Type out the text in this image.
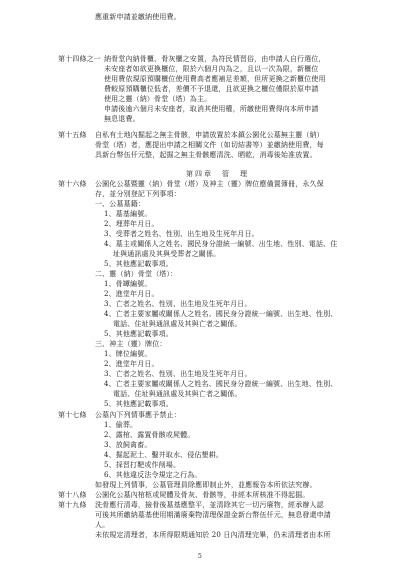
應重新申請並繳納使用費。
第十四條之一 納骨堂內納骨櫃、骨灰櫃之安置，為符民情習俗，由申請人自行選位，
未安座者如欲更換櫃位，限於六個月內為之，且以一次為限，新櫃位
使用費依現原預購櫃位使用費高者應補足差額，但所更換之新櫃位使用
費較原預購櫃位低者，差價不予退還，且欲更換之櫃位僅限於原申請
使用之靈（納）骨堂（塔）為主。
申請後逾六個月未安座者，取消其使用權，所繳使用費得向本所申請
無息退費。
第十五條 自私有土地內掘起之無主骨骸，申請放置於本鎮公園化公墓無主靈（納）
骨堂（塔）者，應提出申請之相關文件（如切結書等）並繳納使用費，每
具新台幣伍仟元整，起掘之無主骨骸應清洗、晒乾，消毒後始准放置。
第四章　管　理
第十六條 公園化公墓暨靈（納）骨堂（塔）及神主（靈）牌位應備置簿冊，永久保
存，並分別登記下列事項：
一、公墓墓籍：
1、墓基編號。
2、埋葬年月日。
3、受葬者之姓名、性別、出生地及生死年月日。
4、墓主或關係人之姓名、國民身分證統一編號、出生地、性別、電話、住
址與通訊處及其與受葬者之關係。
5、其他應記載事項。
二、靈（納）骨堂（塔）：
1、骨罈編號。
2、進堂年月日。
3、亡者之姓名、性別、出生地及生死年月日。
4、亡者主要家屬或關係人之姓名、國民身分證統一編號、出生地、性別、
電話、住址與通訊處及其與亡者之關係。
5、其他應記載事項。
三、神主（靈）牌位：
1、牌位編號。
2、進堂年月日。
3、亡者之姓名、性別、出生地及生死年月日。
4、亡者主要家屬或關係人之姓名、國民身分證統一編號、出生地、性別、
電話、住址與通訊處及其與亡者之關係。
5、其他應記載事項。
第十七條 公墓內下列情事應予禁止：
1、偷葬。
2、露棺、露置骨骸或屍體。
3、放飼禽畜。
4、掘起泥土、鑿井取水、侵佔墾耕。
5、採習打靶或作削場。
6、其他違反法令規定之行為。
如發現上列情事，公墓管理員除應即制止外，並應報告本所依法究辦。
第十八條 公園化公墓內棺柩或屍體及骨灰、骨骸等，非經本所核准不得起掘。
第十九條 洗骨應行清毒，撿骨後墓基應整平，並清除其它一切污廢物，經承辦人認
可後其所繳納墓基使用期滿廢棄物清理保證金新台幣伍仟元，無息發還申請
人。
未依規定清理者，本所得限期通知於 20 日內清理完畢，仍未清理者由本所
5
